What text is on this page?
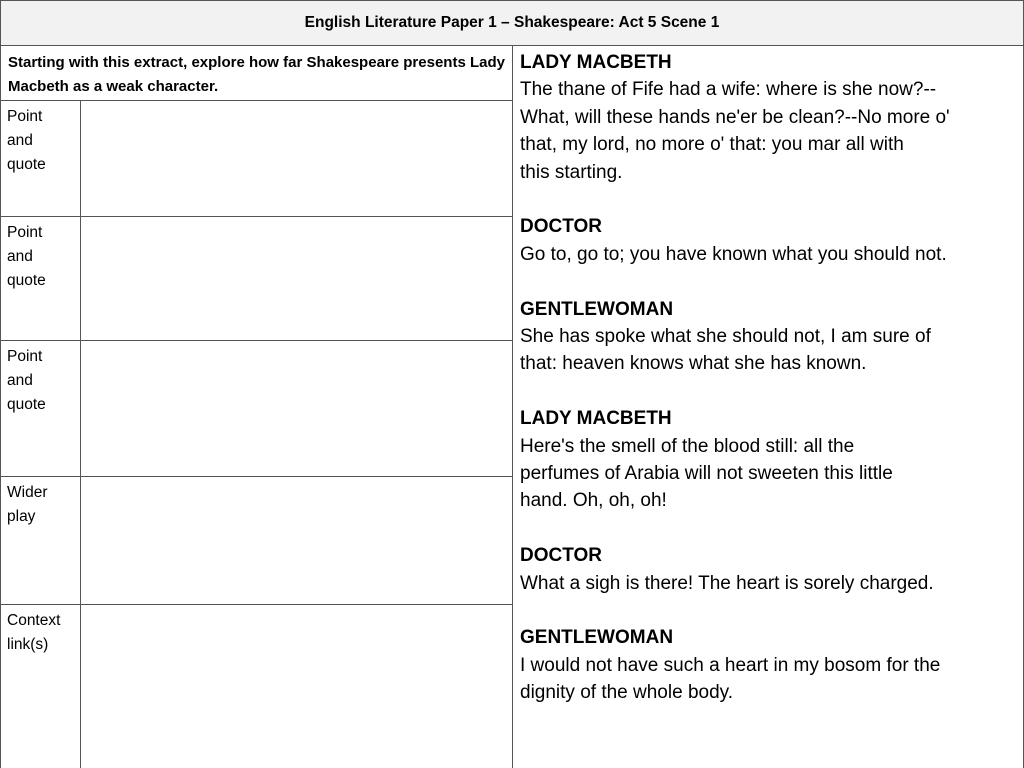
English Literature Paper 1 – Shakespeare: Act 5 Scene 1
Starting with this extract, explore how far Shakespeare presents Lady Macbeth as a weak character.
Point
and
quote
Point
and
quote
Point
and
quote
Wider
play
Context
link(s)
LADY MACBETH
The thane of Fife had a wife: where is she now?--
What, will these hands ne'er be clean?--No more o'
that, my lord, no more o' that: you mar all with
this starting.
DOCTOR
Go to, go to; you have known what you should not.
GENTLEWOMAN
She has spoke what she should not, I am sure of
that: heaven knows what she has known.
LADY MACBETH
Here's the smell of the blood still: all the
perfumes of Arabia will not sweeten this little
hand. Oh, oh, oh!
DOCTOR
What a sigh is there! The heart is sorely charged.
GENTLEWOMAN
I would not have such a heart in my bosom for the
dignity of the whole body.
